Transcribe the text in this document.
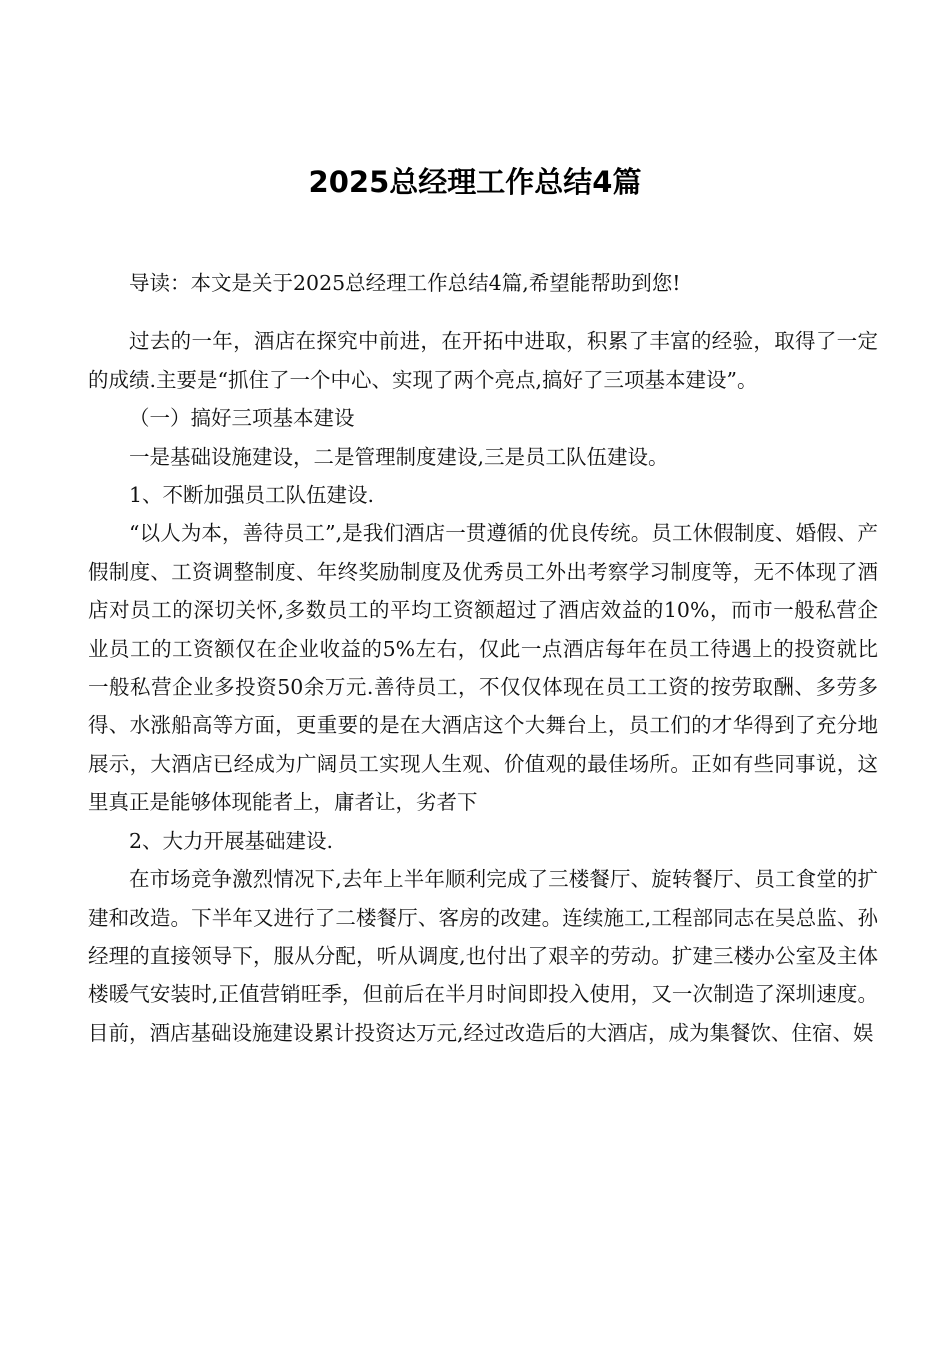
2025总经理工作总结4篇

导读：本文是关于2025总经理工作总结4篇,希望能帮助到您!

过去的一年，酒店在探究中前进，在开拓中进取，积累了丰富的经验，取得了一定的成绩.主要是“抓住了一个中心、实现了两个亮点,搞好了三项基本建设”。

（一）搞好三项基本建设

一是基础设施建设，二是管理制度建设,三是员工队伍建设。

1、不断加强员工队伍建设.

“以人为本，善待员工”,是我们酒店一贯遵循的优良传统。员工休假制度、婚假、产假制度、工资调整制度、年终奖励制度及优秀员工外出考察学习制度等，无不体现了酒店对员工的深切关怀,多数员工的平均工资额超过了酒店效益的10%，而市一般私营企业员工的工资额仅在企业收益的5%左右，仅此一点酒店每年在员工待遇上的投资就比一般私营企业多投资50余万元.善待员工，不仅仅体现在员工工资的按劳取酬、多劳多得、水涨船高等方面，更重要的是在大酒店这个大舞台上，员工们的才华得到了充分地展示，大酒店已经成为广阔员工实现人生观、价值观的最佳场所。正如有些同事说，这里真正是能够体现能者上，庸者让，劣者下

2、大力开展基础建设.

在市场竞争激烈情况下,去年上半年顺利完成了三楼餐厅、旋转餐厅、员工食堂的扩建和改造。下半年又进行了二楼餐厅、客房的改建。连续施工,工程部同志在吴总监、孙经理的直接领导下，服从分配，听从调度,也付出了艰辛的劳动。扩建三楼办公室及主体楼暖气安装时,正值营销旺季，但前后在半月时间即投入使用，又一次制造了深圳速度。目前，酒店基础设施建设累计投资达万元,经过改造后的大酒店，成为集餐饮、住宿、娱
